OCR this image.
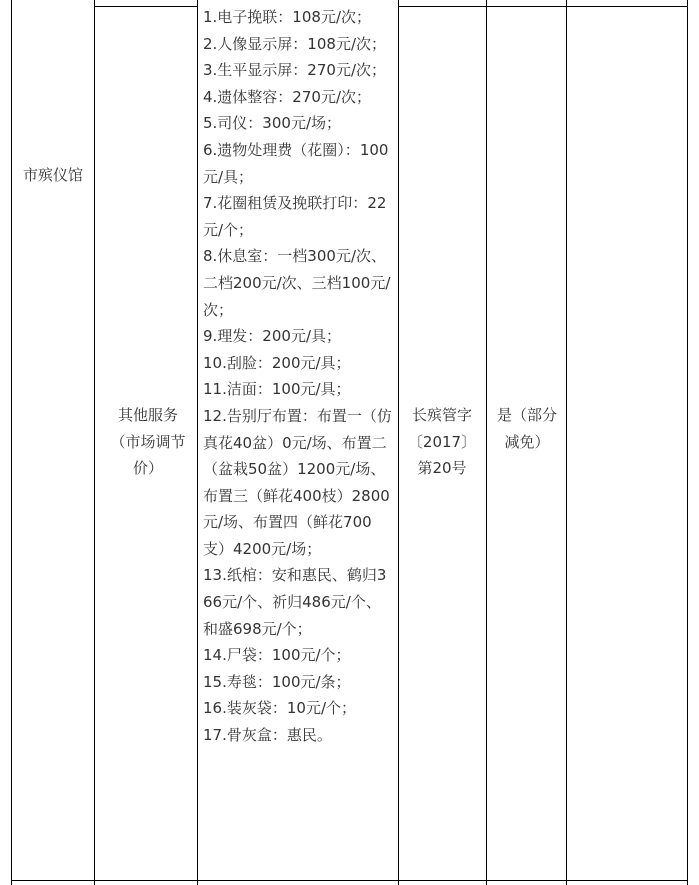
市殡仪馆
其他服务（市场调节价）
1.电子挽联：108元/次；
2.人像显示屏：108元/次；
3.生平显示屏：270元/次；
4.遗体整容：270元/次；
5.司仪：300元/场；
6.遗物处理费（花圈）：100元/具；
7.花圈租赁及挽联打印：22元/个；
8.休息室：一档300元/次、二档200元/次、三档100元/次；
9.理发：200元/具；
10.刮脸：200元/具；
11.洁面：100元/具；
12.告别厅布置：布置一（仿真花40盆）0元/场、布置二（盆栽50盆）1200元/场、布置三（鲜花400枝）2800元/场、布置四（鲜花700支）4200元/场；
13.纸棺：安和惠民、鹤归366元/个、祈归486元/个、和盛698元/个；
14.尸袋：100元/个；
15.寿毯：100元/条；
16.装灰袋：10元/个；
17.骨灰盒：惠民。
长殡管字〔2017〕第20号
是（部分减免）
